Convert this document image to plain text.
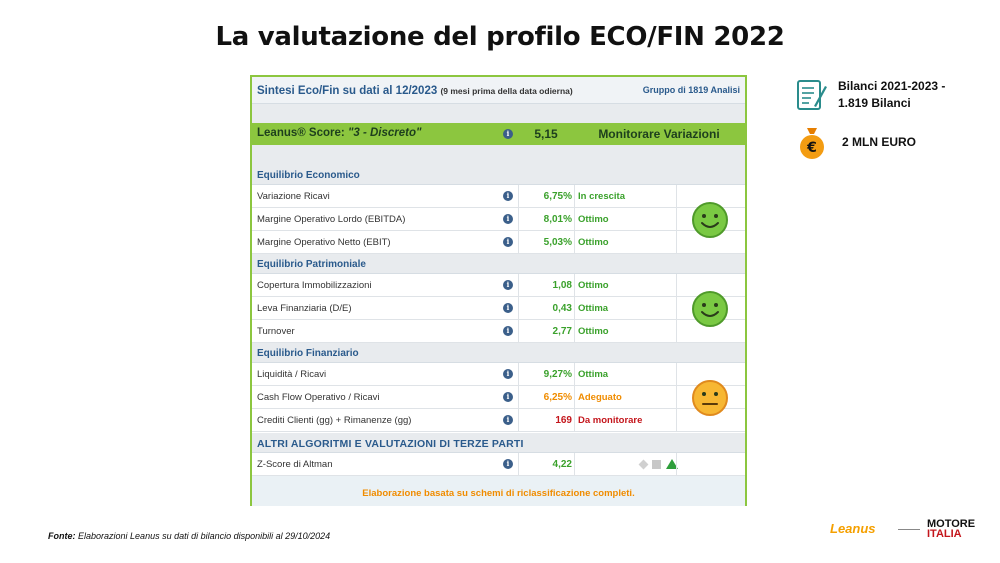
La valutazione del profilo ECO/FIN 2022
Sintesi Eco/Fin su dati al 12/2023 (9 mesi prima della data odierna)	Gruppo di 1819 Analisi
Leanus® Score: "3 - Discreto"	i	5,15	Monitorare Variazioni
Equilibrio Economico
Variazione Ricavi	i	6,75% In crescita
Margine Operativo Lordo (EBITDA)	i	8,01% Ottimo
Margine Operativo Netto (EBIT)	i	5,03% Ottimo
Equilibrio Patrimoniale
Copertura Immobilizzazioni	i	1,08 Ottimo
Leva Finanziaria (D/E)	i	0,43 Ottima
Turnover	i	2,77 Ottimo
Equilibrio Finanziario
Liquidità / Ricavi	i	9,27% Ottima
Cash Flow Operativo / Ricavi	i	6,25% Adeguato
Crediti Clienti (gg) + Rimanenze (gg)	i	169 Da monitorare
ALTRI ALGORITMI E VALUTAZIONI DI TERZE PARTI
Z-Score di Altman	i	4,22

Elaborazione basata su schemi di riclassificazione completi.
Bilanci 2021-2023 -
1.819 Bilanci
€ 2 MLN EURO
Fonte: Elaborazioni Leanus su dati di bilancio disponibili al 29/10/2024	Leanus	MOTORE
ITALIA
